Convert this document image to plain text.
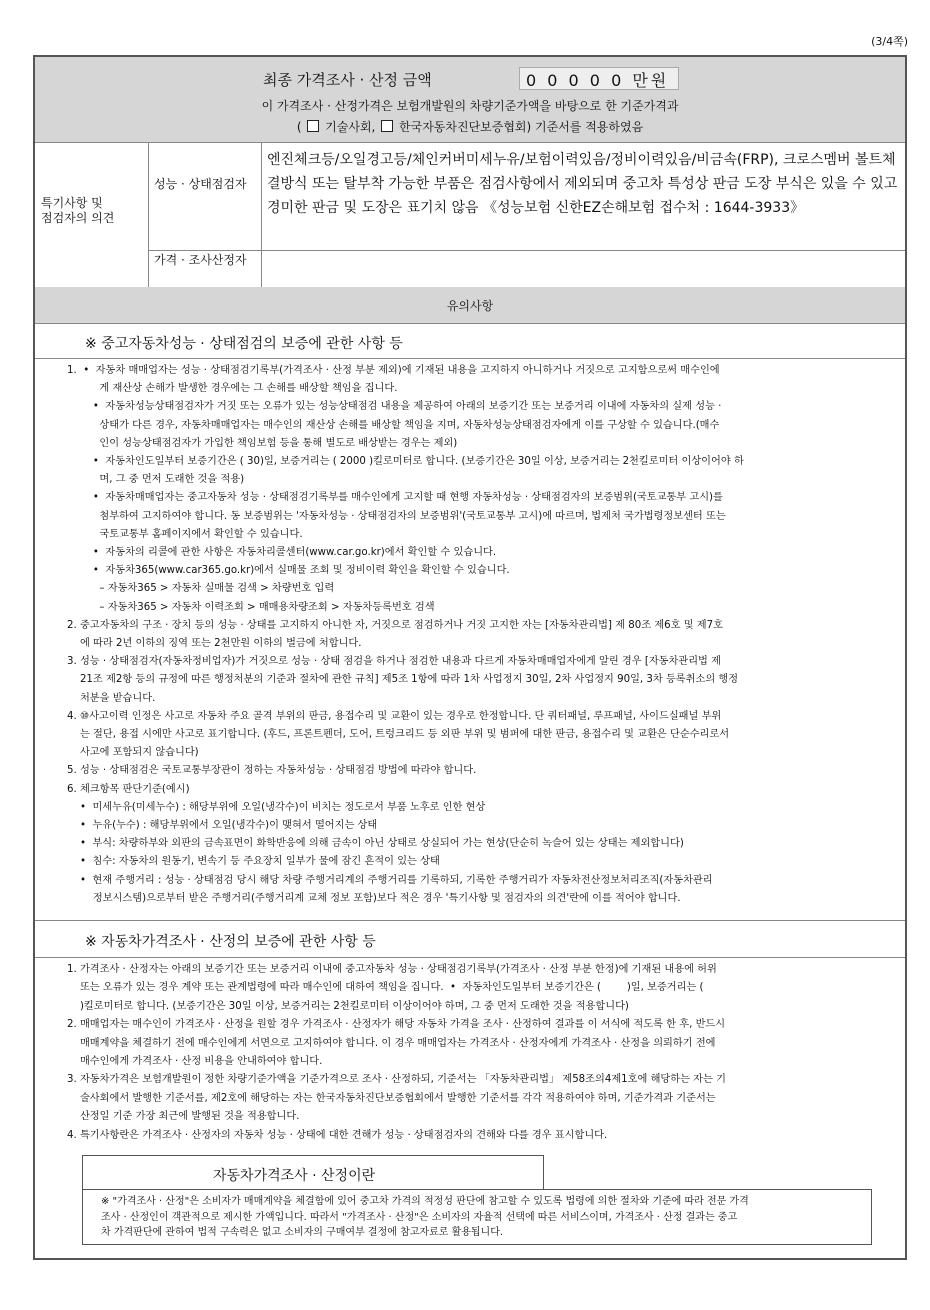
(3/4쪽)
최종 가격조사 · 산정 금액	0 0 0 0 0 만원
이 가격조사 · 산정가격은 보험개발원의 차량기준가액을 바탕으로 한 기준가격과
( 기술사회, 한국자동차진단보증협회) 기준서를 적용하였음
특기사항 및
점검자의 의견
성능 · 상태점검자
엔진체크등/오일경고등/체인커버미세누유/보험이력있음/정비이력있음/비금속(FRP), 크로스멤버 볼트체결방식 또는 탈부착 가능한 부품은 점검사항에서 제외되며 중고차 특성상 판금 도장 부식은 있을 수 있고 경미한 판금 및 도장은 표기치 않음 《성능보험 신한EZ손해보험 접수처 : 1644-3933》
가격 · 조사산정자
유의사항
※ 중고자동차성능 · 상태점검의 보증에 관한 사항 등
1.  •  자동차 매매업자는 성능 · 상태점검기록부(가격조사 · 산정 부분 제외)에 기재된 내용을 고지하지 아니하거나 거짓으로 고지함으로써 매수인에
게 재산상 손해가 발생한 경우에는 그 손해를 배상할 책임을 집니다.
•  자동차성능상태점검자가 거짓 또는 오류가 있는 성능상태점검 내용을 제공하여 아래의 보증기간 또는 보증거리 이내에 자동차의 실제 성능 ·
상태가 다른 경우, 자동차매매업자는 매수인의 재산상 손해를 배상할 책임을 지며, 자동차성능상태점검자에게 이를 구상할 수 있습니다.(매수
인이 성능상태점검자가 가입한 책임보험 등을 통해 별도로 배상받는 경우는 제외)
•  자동차인도일부터 보증기간은 ( 30)일, 보증거리는 ( 2000 )킬로미터로 합니다. (보증기간은 30일 이상, 보증거리는 2천킬로미터 이상이어야 하
며, 그 중 먼저 도래한 것을 적용)
•  자동차매매업자는 중고자동차 성능 · 상태점검기록부를 매수인에게 고지할 때 현행 자동차성능 · 상태점검자의 보증범위(국토교통부 고시)를
첨부하여 고지하여야 합니다. 동 보증범위는 '자동차성능 · 상태점검자의 보증범위'(국토교통부 고시)에 따르며, 법제처 국가법령정보센터 또는
국토교통부 홈페이지에서 확인할 수 있습니다.
•  자동차의 리콜에 관한 사항은 자동차리콜센터(www.car.go.kr)에서 확인할 수 있습니다.
•  자동차365(www.car365.go.kr)에서 실매물 조회 및 정비이력 확인을 확인할 수 있습니다.
– 자동차365 > 자동차 실매물 검색 > 차량번호 입력
– 자동차365 > 자동차 이력조회 > 매매용차량조회 > 자동차등록번호 검색
2. 중고자동차의 구조 · 장치 등의 성능 · 상태를 고지하지 아니한 자, 거짓으로 점검하거나 거짓 고지한 자는 [자동차관리법] 제 80조 제6호 및 제7호
에 따라 2년 이하의 징역 또는 2천만원 이하의 벌금에 처합니다.
3. 성능 · 상태점검자(자동차정비업자)가 거짓으로 성능 · 상태 점검을 하거나 점검한 내용과 다르게 자동차매매업자에게 알린 경우 [자동차관리법 제
21조 제2항 등의 규정에 따른 행정처분의 기준과 절차에 관한 규칙] 제5조 1항에 따라 1차 사업정지 30일, 2차 사업정지 90일, 3차 등록취소의 행정
처분을 받습니다.
4. ⑩사고이력 인정은 사고로 자동차 주요 골격 부위의 판금, 용접수리 및 교환이 있는 경우로 한정합니다. 단 쿼터패널, 루프패널, 사이드실패널 부위
는 절단, 용접 시에만 사고로 표기합니다. (후드, 프론트펜더, 도어, 트렁크리드 등 외판 부위 및 범퍼에 대한 판금, 용접수리 및 교환은 단순수리로서
사고에 포함되지 않습니다)
5. 성능 · 상태점검은 국토교통부장관이 정하는 자동차성능 · 상태점검 방법에 따라야 합니다.
6. 체크항목 판단기준(예시)
•  미세누유(미세누수) : 해당부위에 오일(냉각수)이 비치는 정도로서 부품 노후로 인한 현상
•  누유(누수) : 해당부위에서 오일(냉각수)이 맺혀서 떨어지는 상태
•  부식: 차량하부와 외판의 금속표면이 화학반응에 의해 금속이 아닌 상태로 상실되어 가는 현상(단순히 녹슬어 있는 상태는 제외합니다)
•  침수: 자동차의 원동기, 변속기 등 주요장치 일부가 물에 잠긴 흔적이 있는 상태
•  현재 주행거리 : 성능 · 상태점검 당시 해당 차량 주행거리계의 주행거리를 기록하되, 기록한 주행거리가 자동차전산정보처리조직(자동차관리
정보시스템)으로부터 받은 주행거리(주행거리계 교체 정보 포함)보다 적은 경우 '특기사항 및 점검자의 의견'란에 이를 적어야 합니다.
※ 자동차가격조사 · 산정의 보증에 관한 사항 등
1. 가격조사 · 산정자는 아래의 보증기간 또는 보증거리 이내에 중고자동차 성능 · 상태점검기록부(가격조사 · 산정 부분 한정)에 기재된 내용에 허위
또는 오류가 있는 경우 계약 또는 관계법령에 따라 매수인에 대하여 책임을 집니다.  •  자동차인도일부터 보증기간은 (        )일, 보증거리는 (
)킬로미터로 합니다. (보증기간은 30일 이상, 보증거리는 2천킬로미터 이상이어야 하며, 그 중 먼저 도래한 것을 적용합니다)
2. 매매업자는 매수인이 가격조사 · 산정을 원할 경우 가격조사 · 산정자가 해당 자동차 가격을 조사 · 산정하여 결과를 이 서식에 적도록 한 후, 반드시
매매계약을 체결하기 전에 매수인에게 서면으로 고지하여야 합니다. 이 경우 매매업자는 가격조사 · 산정자에게 가격조사 · 산정을 의뢰하기 전에
매수인에게 가격조사 · 산정 비용을 안내하여야 합니다.
3. 자동차가격은 보험개발원이 정한 차량기준가액을 기준가격으로 조사 · 산정하되, 기준서는 「자동차관리법」 제58조의4제1호에 해당하는 자는 기
술사회에서 발행한 기준서를, 제2호에 해당하는 자는 한국자동차진단보증협회에서 발행한 기준서를 각각 적용하여야 하며, 기준가격과 기준서는
산정일 기준 가장 최근에 발행된 것을 적용합니다.
4. 특기사항란은 가격조사 · 산정자의 자동차 성능 · 상태에 대한 견해가 성능 · 상태점검자의 견해와 다를 경우 표시합니다.
자동차가격조사 · 산정이란
※ "가격조사 · 산정"은 소비자가 매매계약을 체결함에 있어 중고차 가격의 적정성 판단에 참고할 수 있도록 법령에 의한 절차와 기준에 따라 전문 가격
조사 · 산정인이 객관적으로 제시한 가액입니다. 따라서 "가격조사 · 산정"은 소비자의 자율적 선택에 따른 서비스이며, 가격조사 · 산정 결과는 중고
차 가격판단에 관하여 법적 구속력은 없고 소비자의 구매여부 결정에 참고자료로 활용됩니다.
